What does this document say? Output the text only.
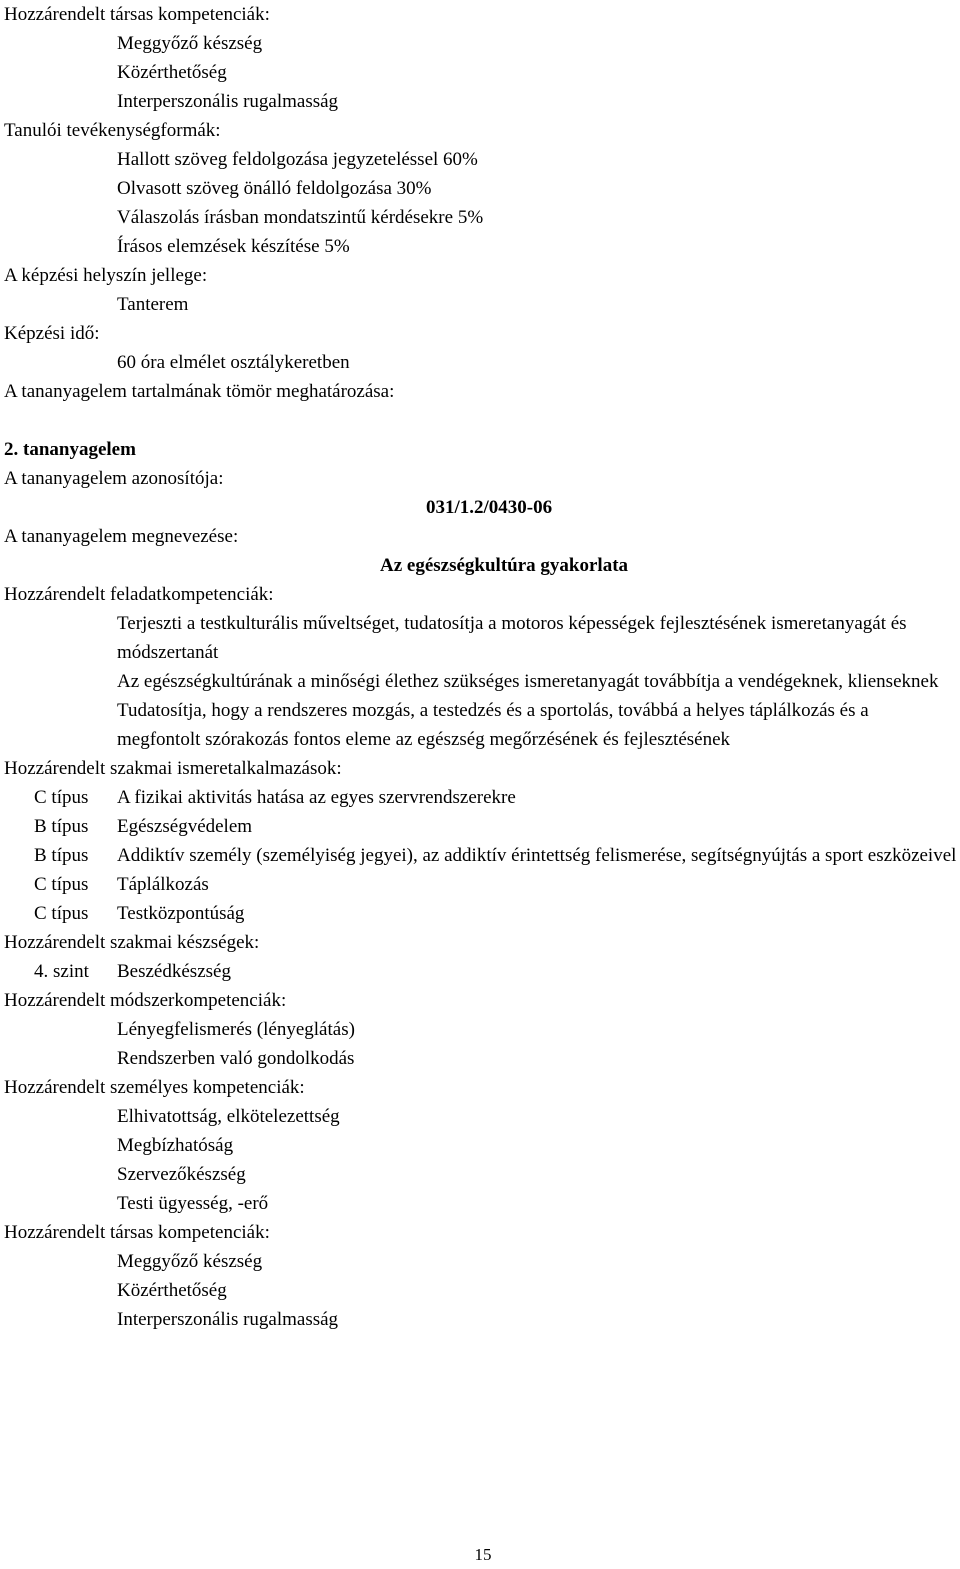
Hozzárendelt társas kompetenciák:
Meggyőző készség
Közérthetőség
Interperszonális rugalmasság
Tanulói tevékenységformák:
Hallott szöveg feldolgozása jegyzeteléssel 60%
Olvasott szöveg önálló feldolgozása 30%
Válaszolás írásban mondatszintű kérdésekre 5%
Írásos elemzések készítése 5%
A képzési helyszín jellege:
Tanterem
Képzési idő:
60 óra elmélet osztálykeretben
A tananyagelem tartalmának tömör meghatározása:
2. tananyagelem
A tananyagelem azonosítója:
031/1.2/0430-06
A tananyagelem megnevezése:
Az egészségkultúra gyakorlata
Hozzárendelt feladatkompetenciák:
Terjeszti a testkulturális műveltséget, tudatosítja a motoros képességek fejlesztésének ismeretanyagát és módszertanát
Az egészségkultúrának a minőségi élethez szükséges ismeretanyagát továbbítja a vendégeknek, klienseknek
Tudatosítja, hogy a rendszeres mozgás, a testedzés és a sportolás, továbbá a helyes táplálkozás és a megfontolt szórakozás fontos eleme az egészség megőrzésének és fejlesztésének
Hozzárendelt szakmai ismeretalkalmazások:
C típus	A fizikai aktivitás hatása az egyes szervrendszerekre
B típus	Egészségvédelem
B típus	Addiktív személy (személyiség jegyei), az addiktív érintettség felismerése, segítségnyújtás a sport eszközeivel
C típus	Táplálkozás
C típus	Testközpontúság
Hozzárendelt szakmai készségek:
4. szint	Beszédkészség
Hozzárendelt módszerkompetenciák:
Lényegfelismerés (lényeglátás)
Rendszerben való gondolkodás
Hozzárendelt személyes kompetenciák:
Elhivatottság, elkötelezettség
Megbízhatóság
Szervezőkészség
Testi ügyesség, -erő
Hozzárendelt társas kompetenciák:
Meggyőző készség
Közérthetőség
Interperszonális rugalmasság
15
